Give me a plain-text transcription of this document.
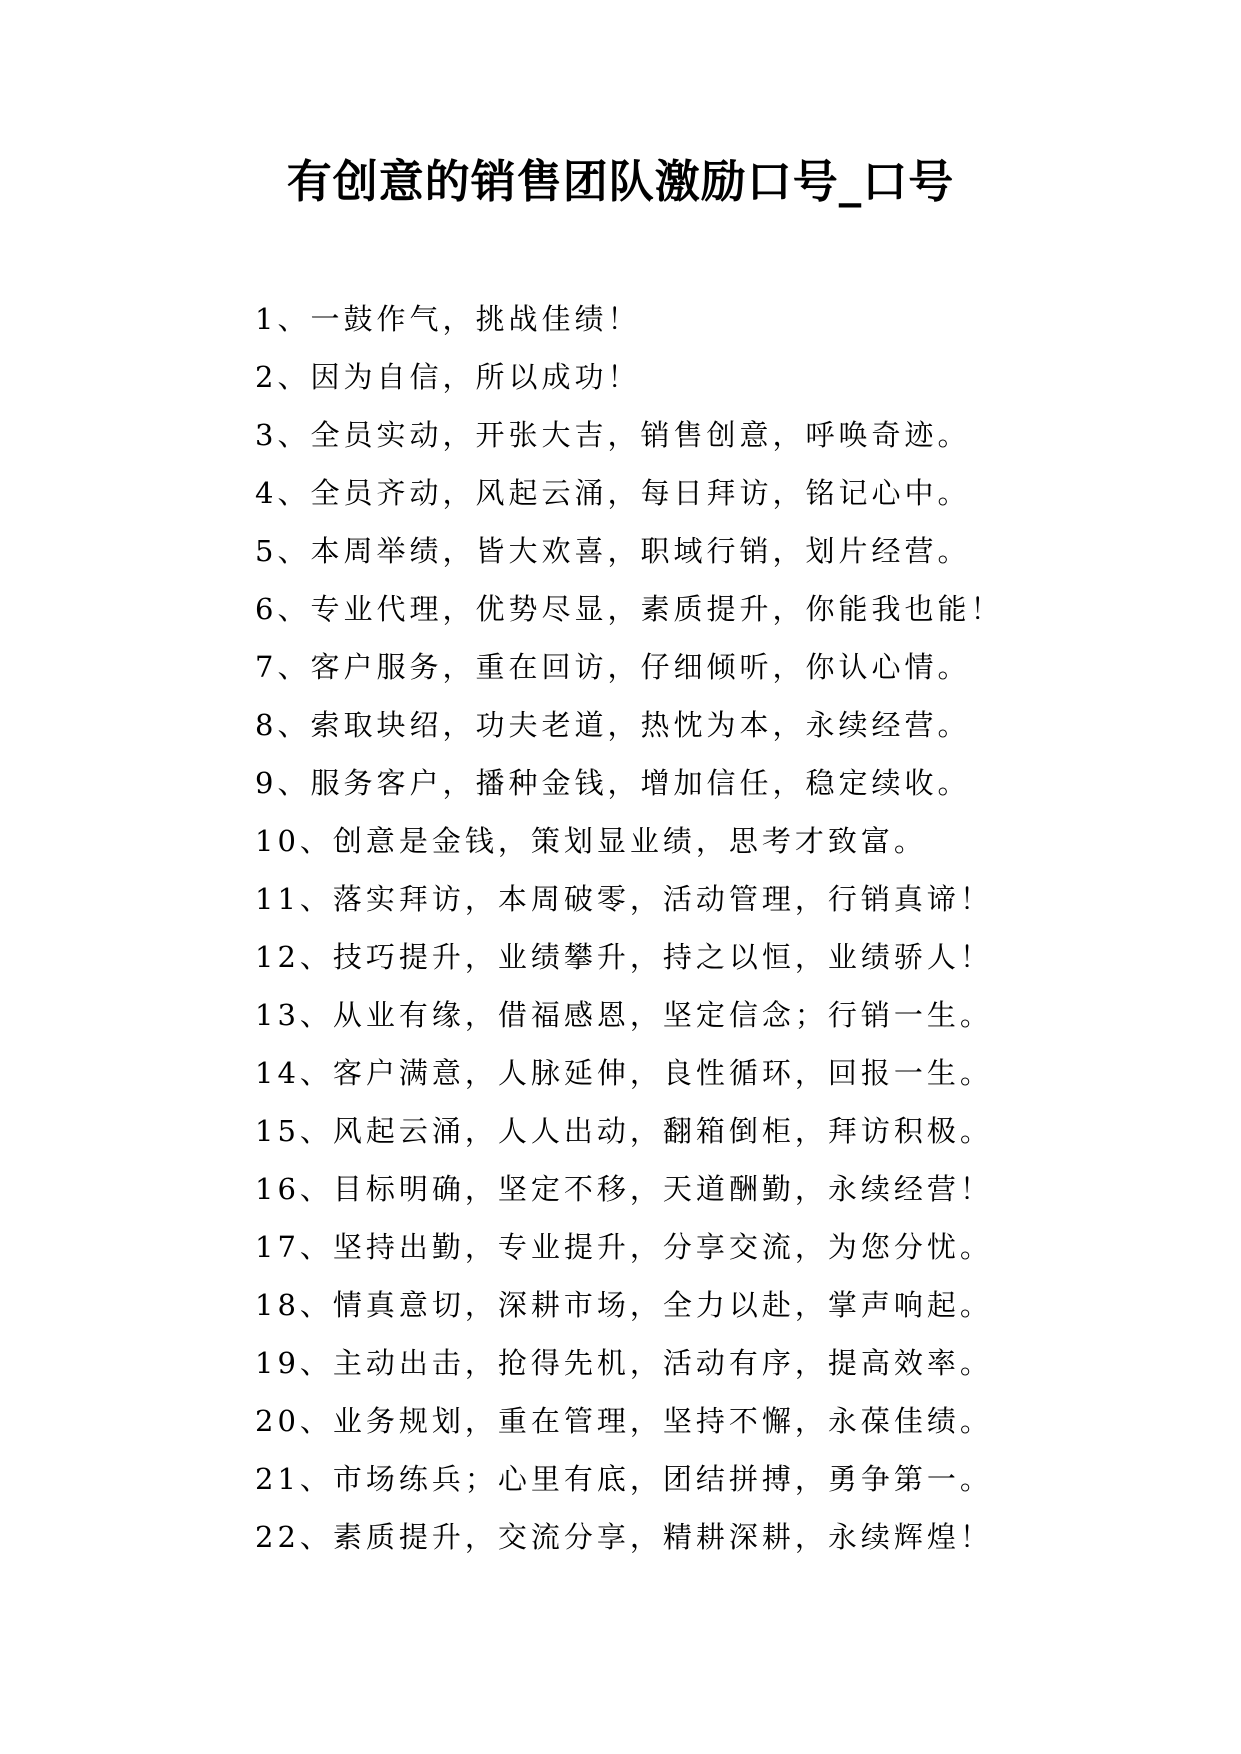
有创意的销售团队激励口号_口号
1、一鼓作气，挑战佳绩！
2、因为自信，所以成功！
3、全员实动，开张大吉，销售创意，呼唤奇迹。
4、全员齐动，风起云涌，每日拜访，铭记心中。
5、本周举绩，皆大欢喜，职域行销，划片经营。
6、专业代理，优势尽显，素质提升，你能我也能！
7、客户服务，重在回访，仔细倾听，你认心情。
8、索取块绍，功夫老道，热忱为本，永续经营。
9、服务客户，播种金钱，增加信任，稳定续收。
10、创意是金钱，策划显业绩，思考才致富。
11、落实拜访，本周破零，活动管理，行销真谛！
12、技巧提升，业绩攀升，持之以恒，业绩骄人！
13、从业有缘，借福感恩，坚定信念；行销一生。
14、客户满意，人脉延伸，良性循环，回报一生。
15、风起云涌，人人出动，翻箱倒柜，拜访积极。
16、目标明确，坚定不移，天道酬勤，永续经营！
17、坚持出勤，专业提升，分享交流，为您分忧。
18、情真意切，深耕市场，全力以赴，掌声响起。
19、主动出击，抢得先机，活动有序，提高效率。
20、业务规划，重在管理，坚持不懈，永葆佳绩。
21、市场练兵；心里有底，团结拼搏，勇争第一。
22、素质提升，交流分享，精耕深耕，永续辉煌！
